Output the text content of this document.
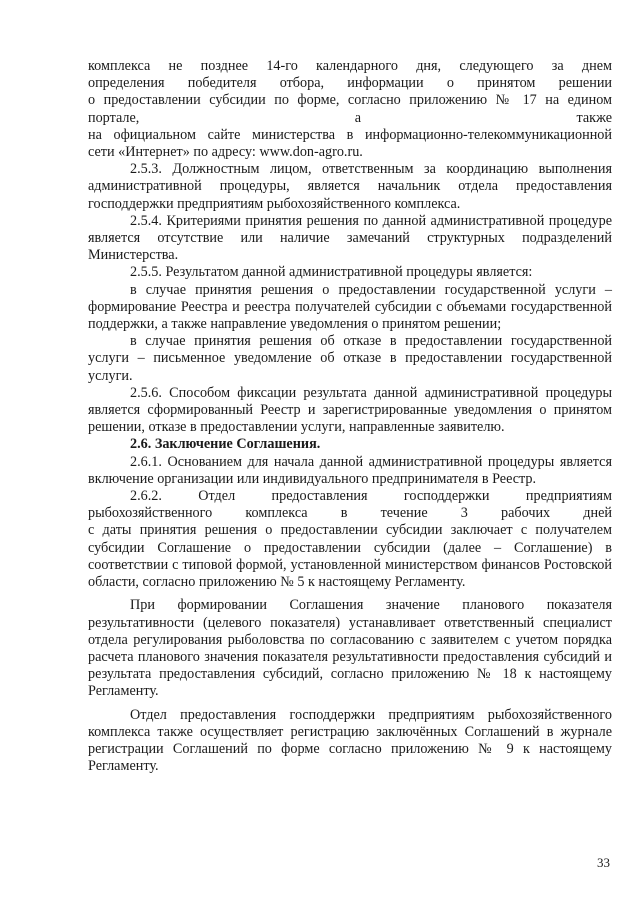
комплекса не позднее 14-го календарного дня, следующего за днем

определения победителя отбора, информации о принятом решении

о предоставлении субсидии по форме, согласно приложению № 17 на едином

портале, а также

на официальном сайте министерства в информационно-телекоммуникационной

сети «Интернет» по адресу: www.don-agro.ru.

2.5.3. Должностным лицом, ответственным за координацию выполнения административной процедуры, является начальник отдела предоставления господдержки предприятиям рыбохозяйственного комплекса.

2.5.4. Критериями принятия решения по данной административной процедуре является отсутствие или наличие замечаний структурных подразделений Министерства.

2.5.5. Результатом данной административной процедуры является:

в случае принятия решения о предоставлении государственной услуги – формирование Реестра и реестра получателей субсидии с объемами государственной поддержки, а также направление уведомления о принятом решении;

в случае принятия решения об отказе в предоставлении государственной услуги – письменное уведомление об отказе в предоставлении государственной услуги.

2.5.6. Способом фиксации результата данной административной процедуры является сформированный Реестр и зарегистрированные уведомления о принятом решении, отказе в предоставлении услуги, направленные заявителю.

2.6. Заключение Соглашения.

2.6.1. Основанием для начала данной административной процедуры является включение организации или индивидуального предпринимателя в Реестр.

2.6.2. Отдел предоставления господдержки предприятиям

рыбохозяйственного комплекса в течение 3 рабочих дней

с даты принятия решения о предоставлении субсидии заключает с получателем субсидии Соглашение о предоставлении субсидии (далее – Соглашение) в соответствии с типовой формой, установленной министерством финансов Ростовской области, согласно приложению № 5 к настоящему Регламенту.

При формировании Соглашения значение планового показателя результативности (целевого показателя) устанавливает ответственный специалист отдела регулирования рыболовства по согласованию с заявителем с учетом порядка расчета планового значения показателя результативности предоставления субсидий и результата предоставления субсидий, согласно приложению № 18 к настоящему Регламенту.

Отдел предоставления господдержки предприятиям рыбохозяйственного комплекса также осуществляет регистрацию заключённых Соглашений в журнале регистрации Соглашений по форме согласно приложению № 9 к настоящему Регламенту.

33
